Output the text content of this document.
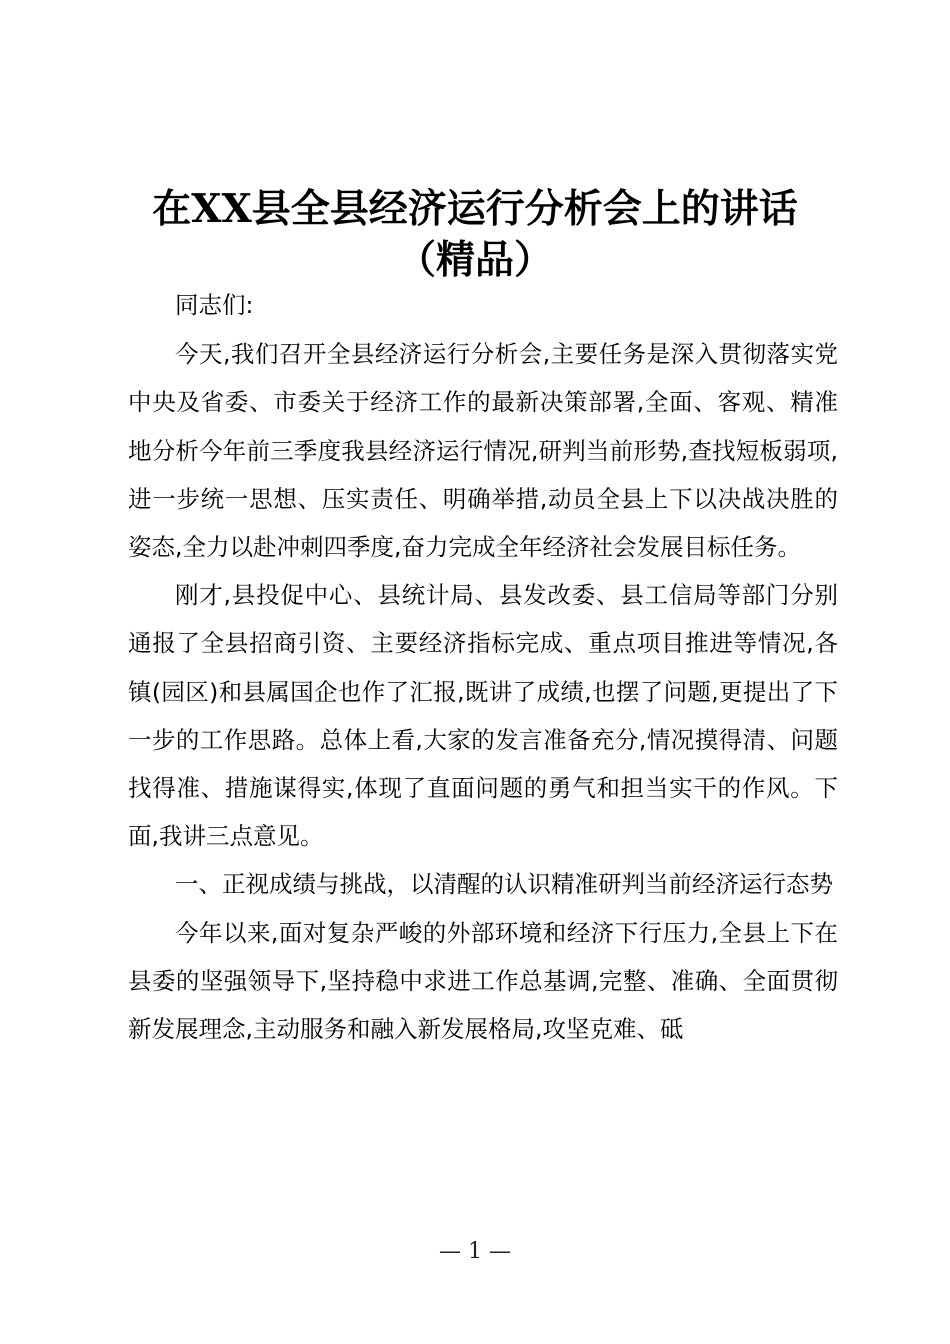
在XX县全县经济运行分析会上的讲话
（精品）

同志们:

今天,我们召开全县经济运行分析会,主要任务是深入贯彻落实党中央及省委、市委关于经济工作的最新决策部署,全面、客观、精准地分析今年前三季度我县经济运行情况,研判当前形势,查找短板弱项,进一步统一思想、压实责任、明确举措,动员全县上下以决战决胜的姿态,全力以赴冲刺四季度,奋力完成全年经济社会发展目标任务。

刚才,县投促中心、县统计局、县发改委、县工信局等部门分别通报了全县招商引资、主要经济指标完成、重点项目推进等情况,各镇(园区)和县属国企也作了汇报,既讲了成绩,也摆了问题,更提出了下一步的工作思路。总体上看,大家的发言准备充分,情况摸得清、问题找得准、措施谋得实,体现了直面问题的勇气和担当实干的作风。下面,我讲三点意见。

一、正视成绩与挑战，以清醒的认识精准研判当前经济运行态势

今年以来,面对复杂严峻的外部环境和经济下行压力,全县上下在县委的坚强领导下,坚持稳中求进工作总基调,完整、准确、全面贯彻新发展理念,主动服务和融入新发展格局,攻坚克难、砥

— 1 —
